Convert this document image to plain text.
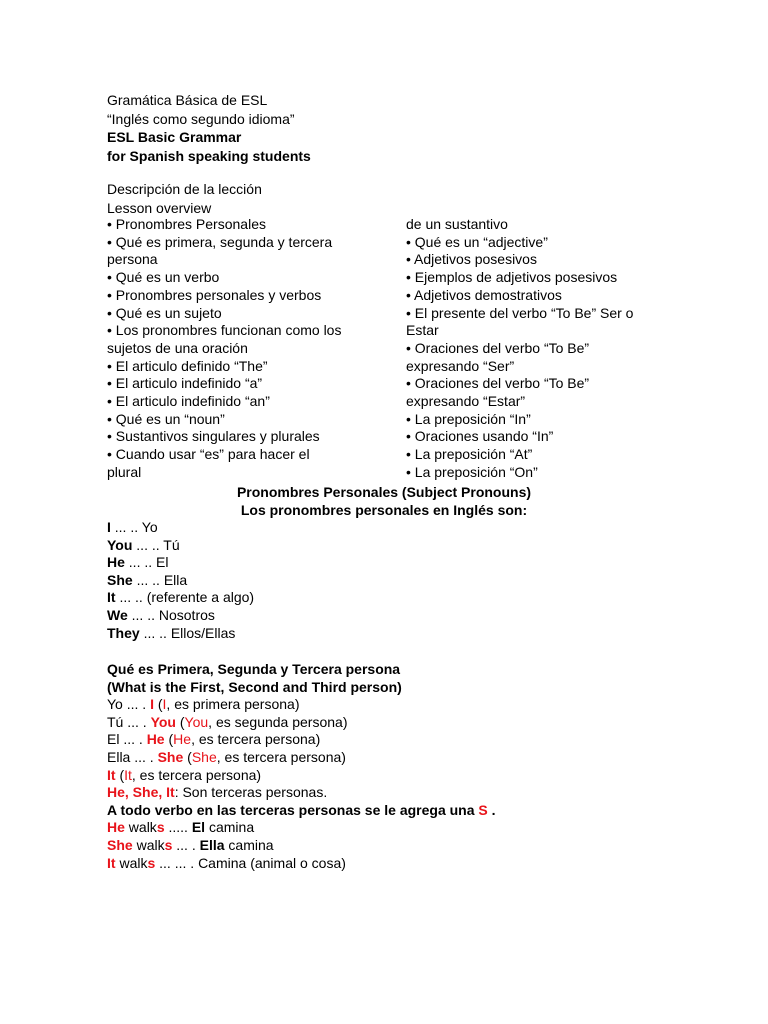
Gramática Básica de ESL
“Inglés como segundo idioma”
ESL Basic Grammar
for Spanish speaking students
Descripción de la lección
Lesson overview
• Pronombres Personales
• Qué es primera, segunda y tercera
persona
• Qué es un verbo
• Pronombres personales y verbos
• Qué es un sujeto
• Los pronombres funcionan como los
sujetos de una oración
• El articulo definido “The”
• El articulo indefinido “a”
• El articulo indefinido “an”
• Qué es un “noun”
• Sustantivos singulares y plurales
• Cuando usar “es” para hacer el
plural
de un sustantivo
• Qué es un “adjective”
• Adjetivos posesivos
• Ejemplos de adjetivos posesivos
• Adjetivos demostrativos
• El presente del verbo “To Be” Ser o
Estar
• Oraciones del verbo “To Be”
expresando “Ser”
• Oraciones del verbo “To Be”
expresando “Estar”
• La preposición “In”
• Oraciones usando “In”
• La preposición “At”
• La preposición “On”
Pronombres Personales (Subject Pronouns)
Los pronombres personales en Inglés son:
I ... .. Yo
You ... .. Tú
He ... .. El
She ... .. Ella
It ... .. (referente a algo)
We ... .. Nosotros
They ... .. Ellos/Ellas
Qué es Primera, Segunda y Tercera persona
(What is the First, Second and Third person)
Yo ... . I (I, es primera persona)
Tú ... . You (You, es segunda persona)
El ... . He (He, es tercera persona)
Ella ... . She (She, es tercera persona)
It (It, es tercera persona)
He, She, It: Son terceras personas.
A todo verbo en las terceras personas se le agrega una S .
He walks ..... El camina
She walks ... . Ella camina
It walks ... ... . Camina (animal o cosa)
